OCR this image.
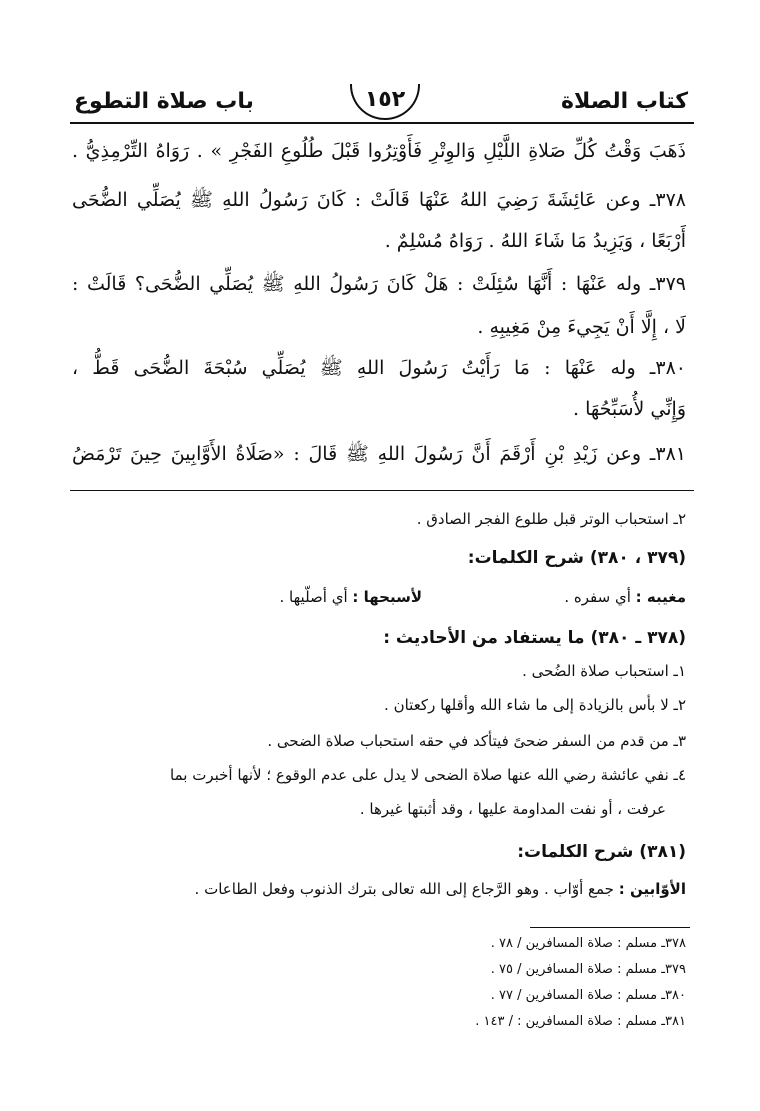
كتاب الصلاة
١٥٢
باب صلاة التطوع
ذَهَبَ وَقْتُ كُلِّ صَلاةِ اللَّيْلِ وَالوِتْرِ فَأَوْتِرُوا قَبْلَ طُلُوعِ الفَجْرِ » . رَوَاهُ التِّرْمِذِيُّ .
٣٧٨ـ وعن عَائِشَةَ رَضِيَ اللهُ عَنْهَا قَالَتْ : كَانَ رَسُولُ اللهِ ﷺ يُصَلِّي الضُّحَى
أَرْبَعًا ، وَيَزِيدُ مَا شَاءَ اللهُ . رَوَاهُ مُسْلِمٌ .
٣٧٩ـ وله عَنْهَا : أَنَّهَا سُئِلَتْ : هَلْ كَانَ رَسُولُ اللهِ ﷺ يُصَلِّي الضُّحَى؟ قَالَتْ :
لَا ، إِلَّا أَنْ يَجِيءَ مِنْ مَغِيبِهِ .
٣٨٠ـ وله عَنْهَا : مَا رَأَيْتُ رَسُولَ اللهِ ﷺ يُصَلِّي سُبْحَةَ الضُّحَى قَطُّ ،
وَإِنِّي لأُسَبِّحُهَا .
٣٨١ـ وعن زَيْدِ بْنِ أَرْقَمَ أَنَّ رَسُولَ اللهِ ﷺ قَالَ : «صَلَاةُ الأَوَّابِينَ حِينَ تَرْمَضُ
٢ـ استحباب الوتر قبل طلوع الفجر الصادق .
(٣٧٩ ، ٣٨٠) شرح الكلمات:
مغيبه : أي سفره .
لأسبحها : أي أصلّيها .
(٣٧٨ ـ ٣٨٠) ما يستفاد من الأحاديث :
١ـ استحباب صلاة الضُحى .
٢ـ لا بأس بالزيادة إلى ما شاء الله وأقلها ركعتان .
٣ـ من قدم من السفر ضحىً فيتأكد في حقه استحباب صلاة الضحى .
٤ـ نفي عائشة رضي الله عنها صلاة الضحى لا يدل على عدم الوقوع ؛ لأنها أخبرت بما
عرفت ، أو نفت المداومة عليها ، وقد أثبتها غيرها .
(٣٨١) شرح الكلمات:
الأوّابين : جمع أوّاب . وهو الرَّجاع إلى الله تعالى بترك الذنوب وفعل الطاعات .
٣٧٨ـ مسلم : صلاة المسافرين / ٧٨ .
٣٧٩ـ مسلم : صلاة المسافرين / ٧٥ .
٣٨٠ـ مسلم : صلاة المسافرين / ٧٧ .
٣٨١ـ مسلم : صلاة المسافرين : / ١٤٣ .
